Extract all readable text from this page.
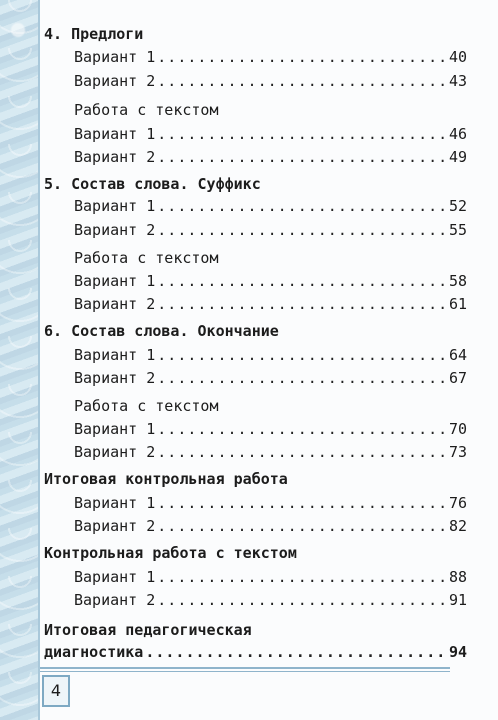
4. Предлоги
Вариант 1 .....	40
Вариант 2 .....	43
Работа с текстом
Вариант 1 .....	46
Вариант 2 .....	49
5. Состав слова. Суффикс
Вариант 1 .....	52
Вариант 2 .....	55
Работа с текстом
Вариант 1 .....	58
Вариант 2 .....	61
6. Состав слова. Окончание
Вариант 1 .....	64
Вариант 2 .....	67
Работа с текстом
Вариант 1 .....	70
Вариант 2 .....	73
Итоговая контрольная работа
Вариант 1 .....	76
Вариант 2 .....	82
Контрольная работа с текстом
Вариант 1 .....	88
Вариант 2 .....	91
Итоговая педагогическая
диагностика .....	94
4
